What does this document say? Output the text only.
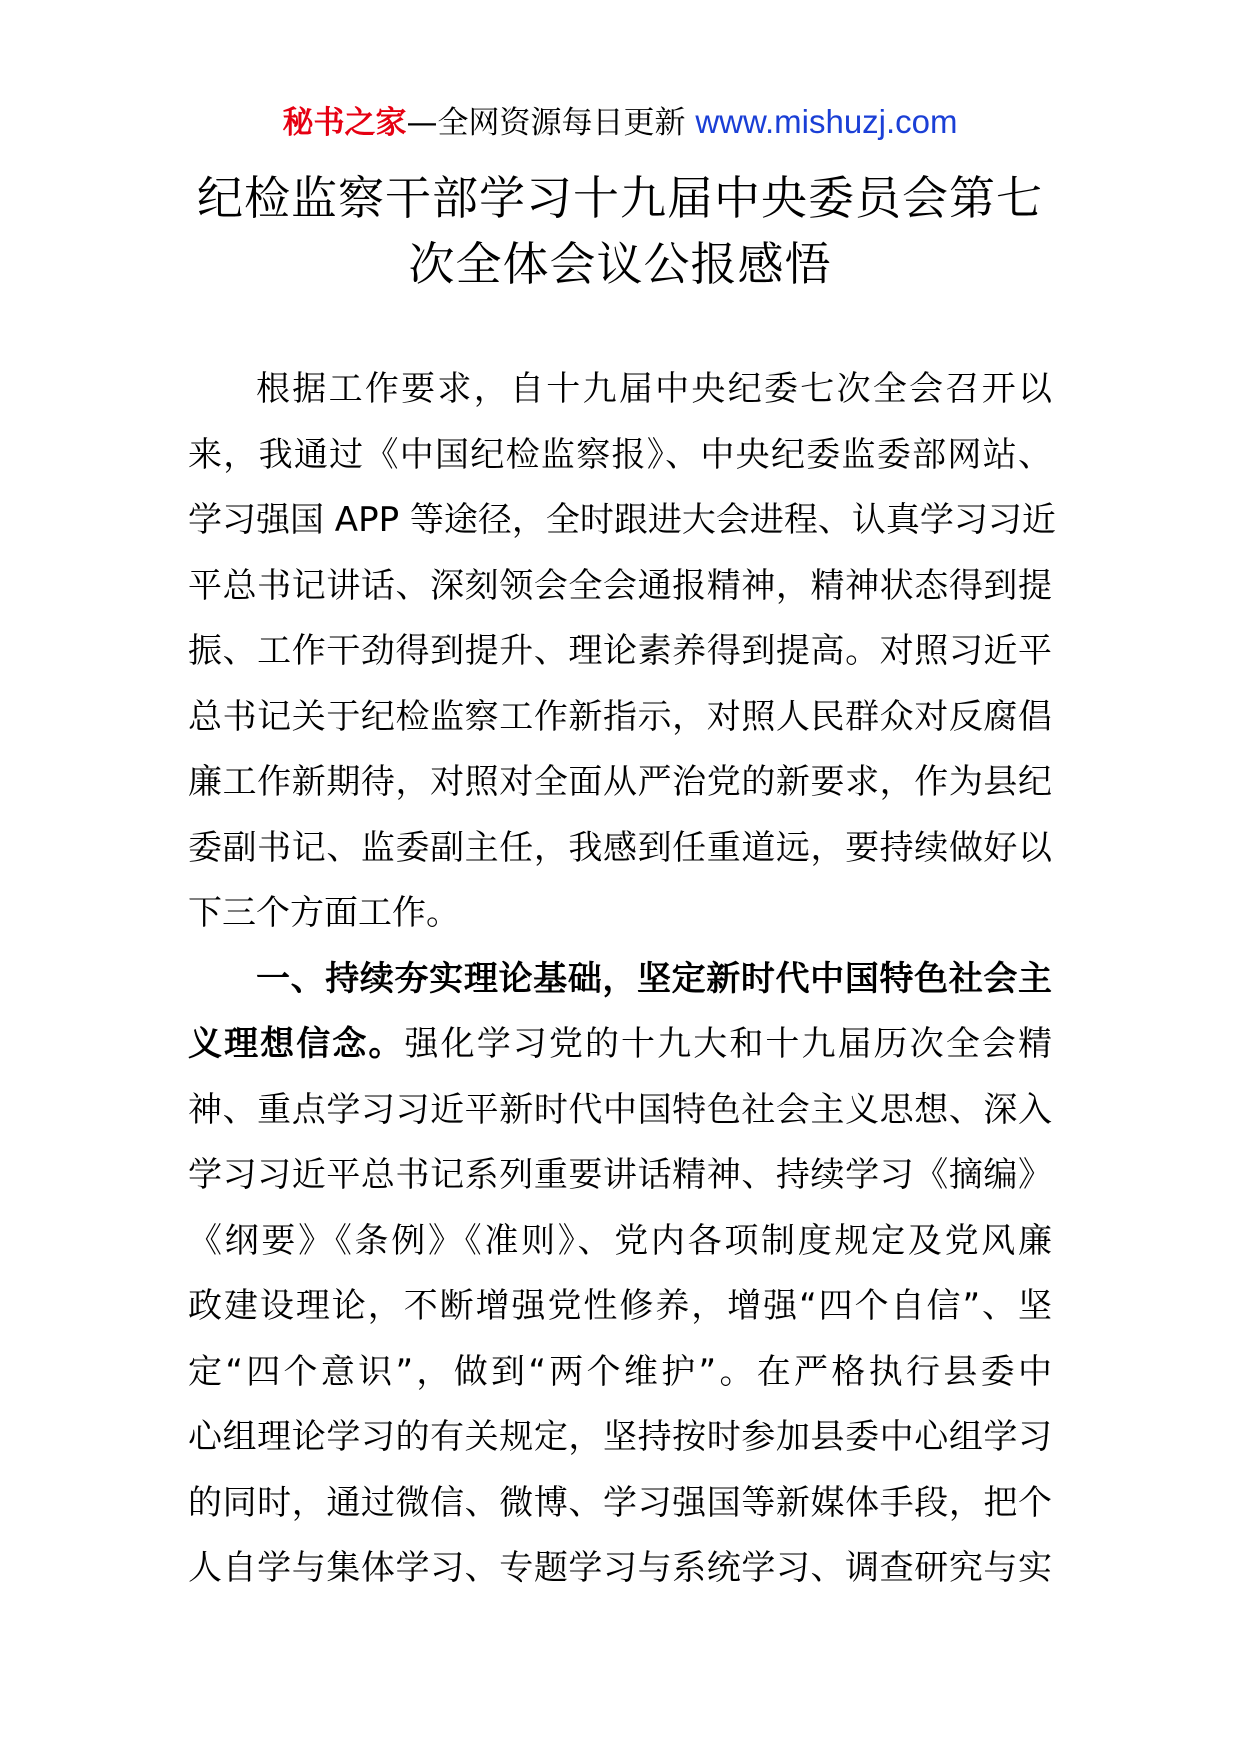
秘书之家—全网资源每日更新 www.mishuzj.com
纪检监察干部学习十九届中央委员会第七
次全体会议公报感悟
根据工作要求，自十九届中央纪委七次全会召开以
来，我通过《中国纪检监察报》、中央纪委监委部网站、
学习强国 APP 等途径，全时跟进大会进程、认真学习习近
平总书记讲话、深刻领会全会通报精神，精神状态得到提
振、工作干劲得到提升、理论素养得到提高。对照习近平
总书记关于纪检监察工作新指示，对照人民群众对反腐倡
廉工作新期待，对照对全面从严治党的新要求，作为县纪
委副书记、监委副主任，我感到任重道远，要持续做好以
下三个方面工作。
一、持续夯实理论基础，坚定新时代中国特色社会主
义理想信念。强化学习党的十九大和十九届历次全会精
神、重点学习习近平新时代中国特色社会主义思想、深入
学习习近平总书记系列重要讲话精神、持续学习《摘编》
《纲要》《条例》《准则》、党内各项制度规定及党风廉
政建设理论，不断增强党性修养，增强“四个自信”、坚
定“四个意识”，做到“两个维护”。在严格执行县委中
心组理论学习的有关规定，坚持按时参加县委中心组学习
的同时，通过微信、微博、学习强国等新媒体手段，把个
人自学与集体学习、专题学习与系统学习、调查研究与实
